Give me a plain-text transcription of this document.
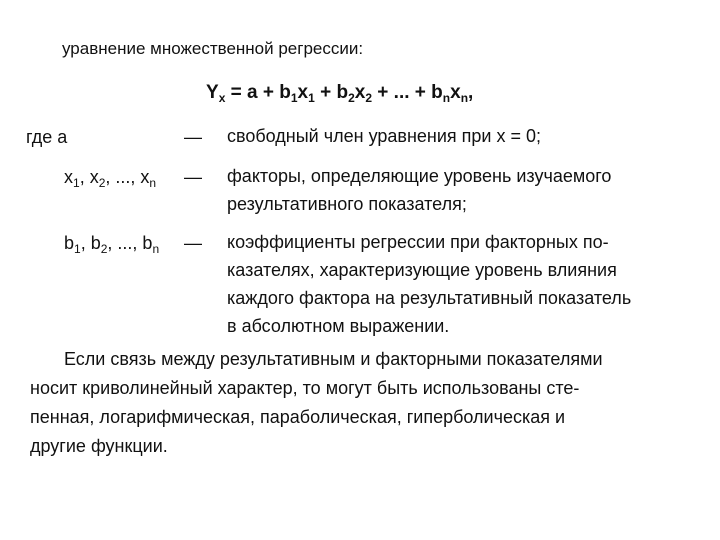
уравнение множественной регрессии:
$Y_x = a + b_1x_1 + b_2x_2$ + ... + $b_nx_n$,
где a	— свободный член уравнения при x = 0;
$x_1$, $x_2$, ..., $x_n$ — факторы, определяющие уровень изучаемого
результативного показателя;
$b_1$, $b_2$, ..., $b_n$ — коэффициенты регрессии при факторных по-
казателях, характеризующие уровень влияния
каждого фактора на результативный показатель
в абсолютном выражении.
Если связь между результативным и факторными показателями
носит криволинейный характер, то могут быть использованы сте-
пенная, логарифмическая, параболическая, гиперболическая и
другие функции.
